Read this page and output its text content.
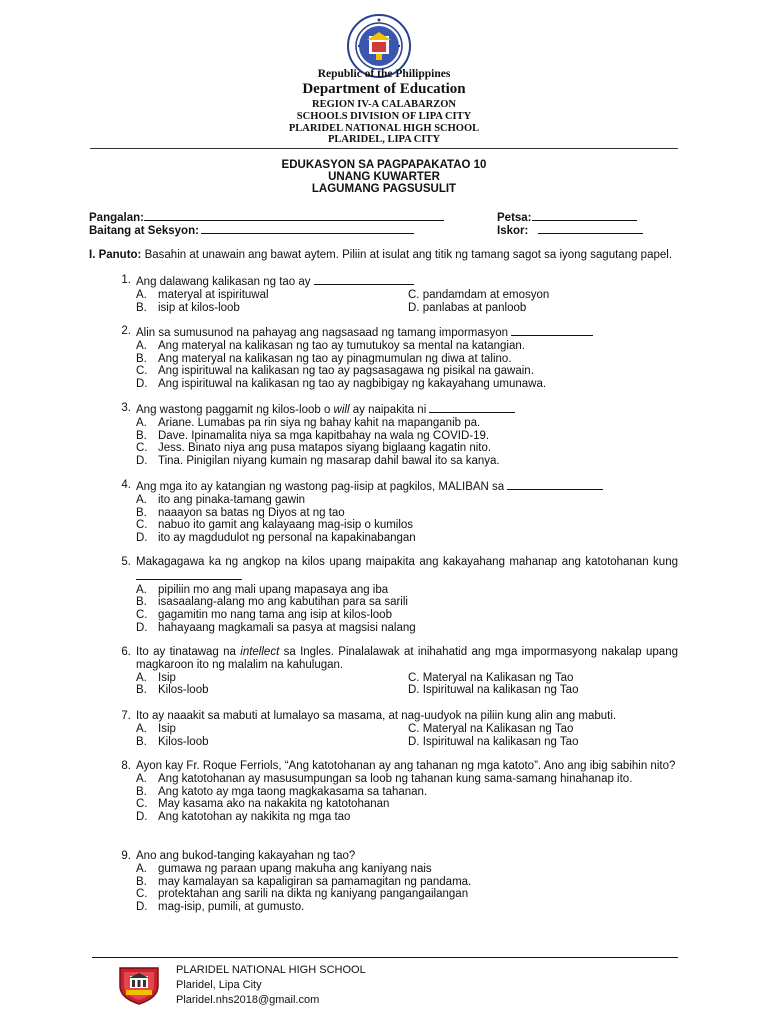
Republic of the Philippines
Department of Education
REGION IV-A CALABARZON
SCHOOLS DIVISION OF LIPA CITY
PLARIDEL NATIONAL HIGH SCHOOL
PLARIDEL, LIPA CITY
EDUKASYON SA PAGPAPAKATAO 10
UNANG KUWARTER
LAGUMANG PAGSUSULIT
Pangalan:
Baitang at Seksyon:
Petsa:
Iskor:
I. Panuto: Basahin at unawain ang bawat aytem. Piliin at isulat ang titik ng tamang sagot sa iyong sagutang papel.
1. Ang dalawang kalikasan ng tao ay
A. materyal at ispirituwal	C. pandamdam at emosyon
B. isip at kilos-loob	D. panlabas at panloob
2. Alin sa sumusunod na pahayag ang nagsasaad ng tamang impormasyon
A. Ang materyal na kalikasan ng tao ay tumutukoy sa mental na katangian.
B. Ang materyal na kalikasan ng tao ay pinagmumulan ng diwa at talino.
C. Ang ispirituwal na kalikasan ng tao ay pagsasagawa ng pisikal na gawain.
D. Ang ispirituwal na kalikasan ng tao ay nagbibigay ng kakayahang umunawa.
3. Ang wastong paggamit ng kilos-loob o will ay naipakita ni
A. Ariane. Lumabas pa rin siya ng bahay kahit na mapanganib pa.
B. Dave. Ipinamalita niya sa mga kapitbahay na wala ng COVID-19.
C. Jess. Binato niya ang pusa matapos siyang biglaang kagatin nito.
D. Tina. Pinigilan niyang kumain ng masarap dahil bawal ito sa kanya.
4. Ang mga ito ay katangian ng wastong pag-iisip at pagkilos, MALIBAN sa
A. ito ang pinaka-tamang gawin
B. naaayon sa batas ng Diyos at ng tao
C. nabuo ito gamit ang kalayaang mag-isip o kumilos
D. ito ay magdudulot ng personal na kapakinabangan
5. Makagagawa ka ng angkop na kilos upang maipakita ang kakayahang mahanap ang katotohanan kung
A. pipiliin mo ang mali upang mapasaya ang iba
B. isasaalang-alang mo ang kabutihan para sa sarili
C. gagamitin mo nang tama ang isip at kilos-loob
D. hahayaang magkamali sa pasya at magsisi nalang
6. Ito ay tinatawag na intellect sa Ingles. Pinalalawak at inihahatid ang mga impormasyong nakalap upang magkaroon ito ng malalim na kahulugan.
A. Isip	C. Materyal na Kalikasan ng Tao
B. Kilos-loob	D. Ispirituwal na kalikasan ng Tao
7. Ito ay naaakit sa mabuti at lumalayo sa masama, at nag-uudyok na piliin kung alin ang mabuti.
A. Isip	C. Materyal na Kalikasan ng Tao
B. Kilos-loob	D. Ispirituwal na kalikasan ng Tao
8. Ayon kay Fr. Roque Ferriols, “Ang katotohanan ay ang tahanan ng mga katoto”. Ano ang ibig sabihin nito?
A. Ang katotohanan ay masusumpungan sa loob ng tahanan kung sama-samang hinahanap ito.
B. Ang katoto ay mga taong magkakasama sa tahanan.
C. May kasama ako na nakakita ng katotohanan
D. Ang katotohan ay nakikita ng mga tao
9. Ano ang bukod-tanging kakayahan ng tao?
A. gumawa ng paraan upang makuha ang kaniyang nais
B. may kamalayan sa kapaligiran sa pamamagitan ng pandama.
C. protektahan ang sarili na dikta ng kaniyang pangangailangan
D. mag-isip, pumili, at gumusto.
PLARIDEL NATIONAL HIGH SCHOOL
Plaridel, Lipa City
Plaridel.nhs2018@gmail.com
